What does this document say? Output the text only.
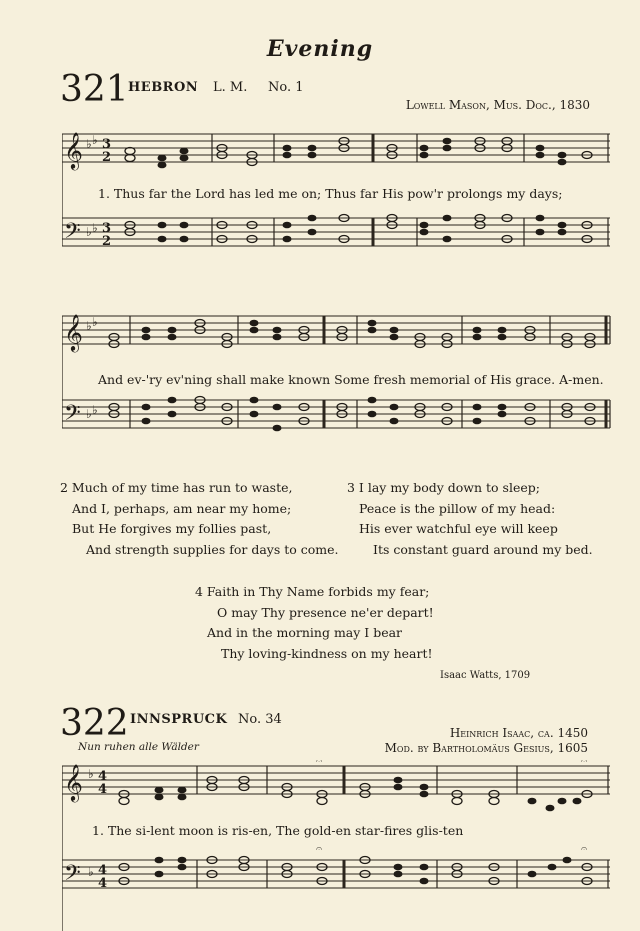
Evening
321 HEBRON L. M. No. 1
Lowell Mason, Mus. Doc., 1830
𝄞 ♭ ♭ 3
2
1. Thus far the Lord has led me on; Thus far His pow'r prolongs my days;
𝄢 ♭ ♭ 3
2
𝄞 ♭ ♭
And ev-'ry ev'ning shall make known Some fresh memorial of His grace. A-men.
𝄢 ♭ ♭
2 Much of my time has run to waste,
And I, perhaps, am near my home;
But He forgives my follies past,
And strength supplies for days to come.
3 I lay my body down to sleep;
Peace is the pillow of my head:
His ever watchful eye will keep
Its constant guard around my bed.
4 Faith in Thy Name forbids my fear;
O may Thy presence ne'er depart!
And in the morning may I bear
Thy loving-kindness on my heart!
Isaac Watts, 1709
322 INNSPRUCK No. 34
Nun ruhen alle Wälder
Heinrich Isaac, ca. 1450
Mod. by Bartholomäus Gesius, 1605
𝄞 ♭ 4
4
𝄐	𝄐
1. The si-lent moon is ris-en, The gold-en star-fires glis-ten
𝄢 ♭ 4
4
𝄐	𝄐
